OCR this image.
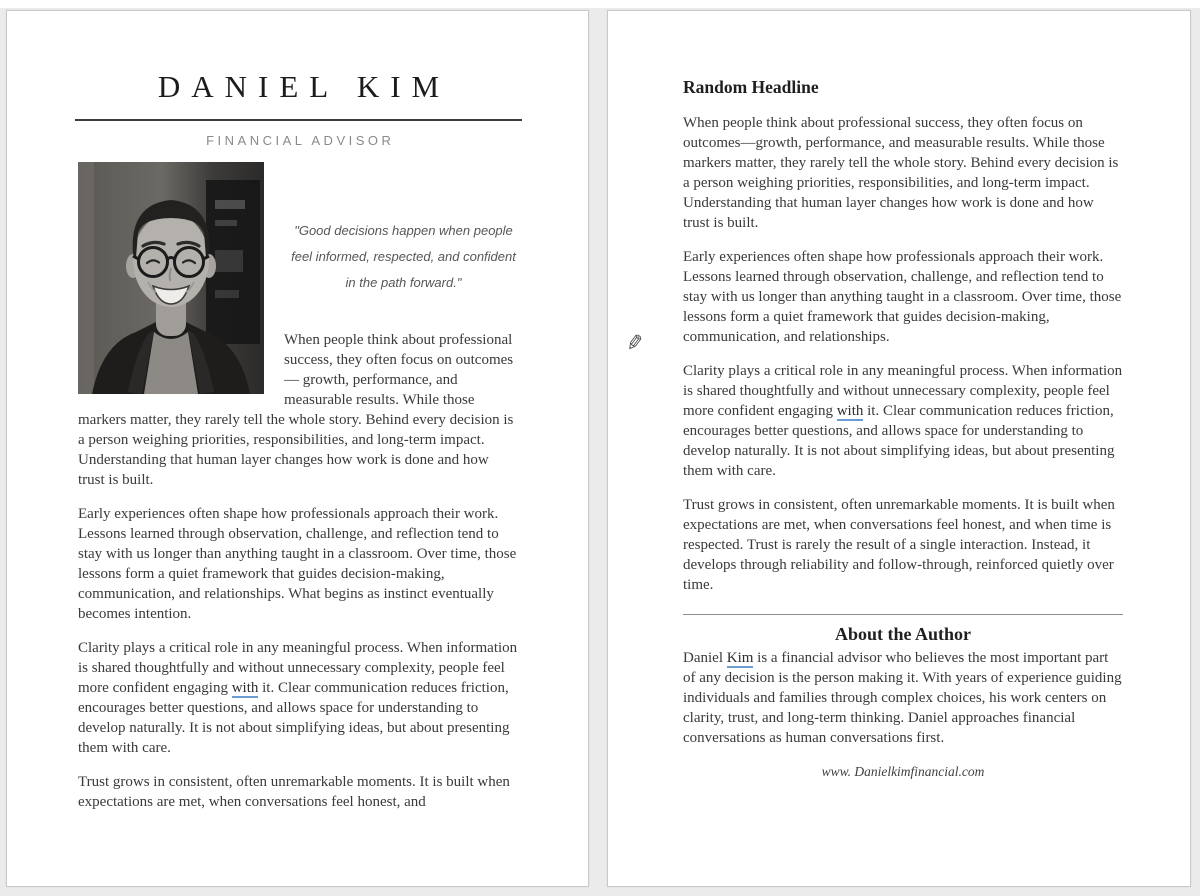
DANIEL KIM
FINANCIAL ADVISOR
"Good decisions happen when people feel informed, respected, and confident in the path forward."

When people think about professional success, they often focus on outcomes — growth, performance, and measurable results. While those markers matter, they rarely tell the whole story. Behind every decision is a person weighing priorities, responsibilities, and long-term impact. Understanding that human layer changes how work is done and how trust is built.

Early experiences often shape how professionals approach their work. Lessons learned through observation, challenge, and reflection tend to stay with us longer than anything taught in a classroom. Over time, those lessons form a quiet framework that guides decision-making, communication, and relationships. What begins as instinct eventually becomes intention.

Clarity plays a critical role in any meaningful process. When information is shared thoughtfully and without unnecessary complexity, people feel more confident engaging with it. Clear communication reduces friction, encourages better questions, and allows space for understanding to develop naturally. It is not about simplifying ideas, but about presenting them with care.

Trust grows in consistent, often unremarkable moments. It is built when expectations are met, when conversations feel honest, and

✎
Random Headline

When people think about professional success, they often focus on outcomes—growth, performance, and measurable results. While those markers matter, they rarely tell the whole story. Behind every decision is a person weighing priorities, responsibilities, and long-term impact. Understanding that human layer changes how work is done and how trust is built.

Early experiences often shape how professionals approach their work. Lessons learned through observation, challenge, and reflection tend to stay with us longer than anything taught in a classroom. Over time, those lessons form a quiet framework that guides decision-making, communication, and relationships.

Clarity plays a critical role in any meaningful process. When information is shared thoughtfully and without unnecessary complexity, people feel more confident engaging with it. Clear communication reduces friction, encourages better questions, and allows space for understanding to develop naturally. It is not about simplifying ideas, but about presenting them with care.

Trust grows in consistent, often unremarkable moments. It is built when expectations are met, when conversations feel honest, and when time is respected. Trust is rarely the result of a single interaction. Instead, it develops through reliability and follow-through, reinforced quietly over time.

About the Author

Daniel Kim is a financial advisor who believes the most important part of any decision is the person making it. With years of experience guiding individuals and families through complex choices, his work centers on clarity, trust, and long-term thinking. Daniel approaches financial conversations as human conversations first.

www. Danielkimfinancial.com
